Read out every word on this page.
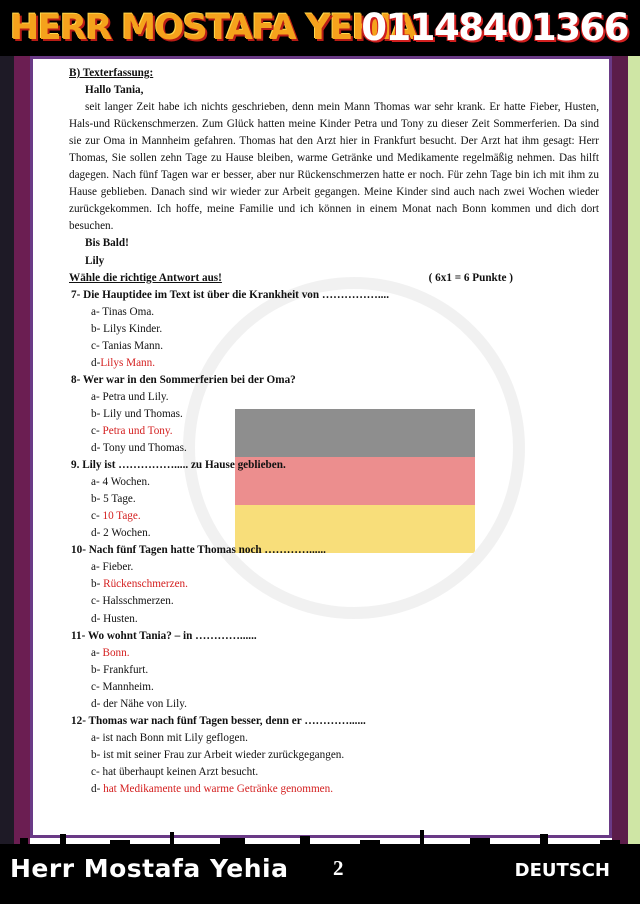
HERR MOSTAFA YEHIA
01148401366
B) Texterfassung:
Hallo Tania,
seit langer Zeit habe ich nichts geschrieben, denn mein Mann Thomas war sehr krank. Er hatte Fieber, Husten, Hals-und Rückenschmerzen. Zum Glück hatten meine Kinder Petra und Tony zu dieser Zeit Sommerferien. Da sind sie zur Oma in Mannheim gefahren. Thomas hat den Arzt hier in Frankfurt besucht. Der Arzt hat ihm gesagt: Herr Thomas, Sie sollen zehn Tage zu Hause bleiben, warme Getränke und Medikamente regelmäßig nehmen. Das hilft dagegen. Nach fünf Tagen war er besser, aber nur Rückenschmerzen hatte er noch. Für zehn Tage bin ich mit ihm zu Hause geblieben. Danach sind wir wieder zur Arbeit gegangen. Meine Kinder sind auch nach zwei Wochen wieder zurückgekommen. Ich hoffe, meine Familie und ich können in einem Monat nach Bonn kommen und dich dort besuchen.
Bis Bald!
Lily
Wähle die richtige Antwort aus!	( 6x1 = 6 Punkte )
7- Die Hauptidee im Text ist über die Krankheit von ……………....
a- Tinas Oma.
b- Lilys Kinder.
c- Tanias Mann.
d-Lilys Mann.
8- Wer war in den Sommerferien bei der Oma?
a- Petra und Lily.
b- Lily und Thomas.
c- Petra und Tony.
d- Tony und Thomas.
9. Lily ist ……………..... zu Hause geblieben.
a- 4 Wochen.
b- 5 Tage.
c- 10 Tage.
d- 2 Wochen.
10- Nach fünf Tagen hatte Thomas noch …………......
a- Fieber.
b- Rückenschmerzen.
c- Halsschmerzen.
d- Husten.
11- Wo wohnt Tania? – in …………......
a- Bonn.
b- Frankfurt.
c- Mannheim.
d- der Nähe von Lily.
12- Thomas war nach fünf Tagen besser, denn er …………......
a- ist nach Bonn mit Lily geflogen.
b- ist mit seiner Frau zur Arbeit wieder zurückgegangen.
c- hat überhaupt keinen Arzt besucht.
d- hat Medikamente und warme Getränke genommen.
Herr Mostafa Yehia 2	DEUTSCH
